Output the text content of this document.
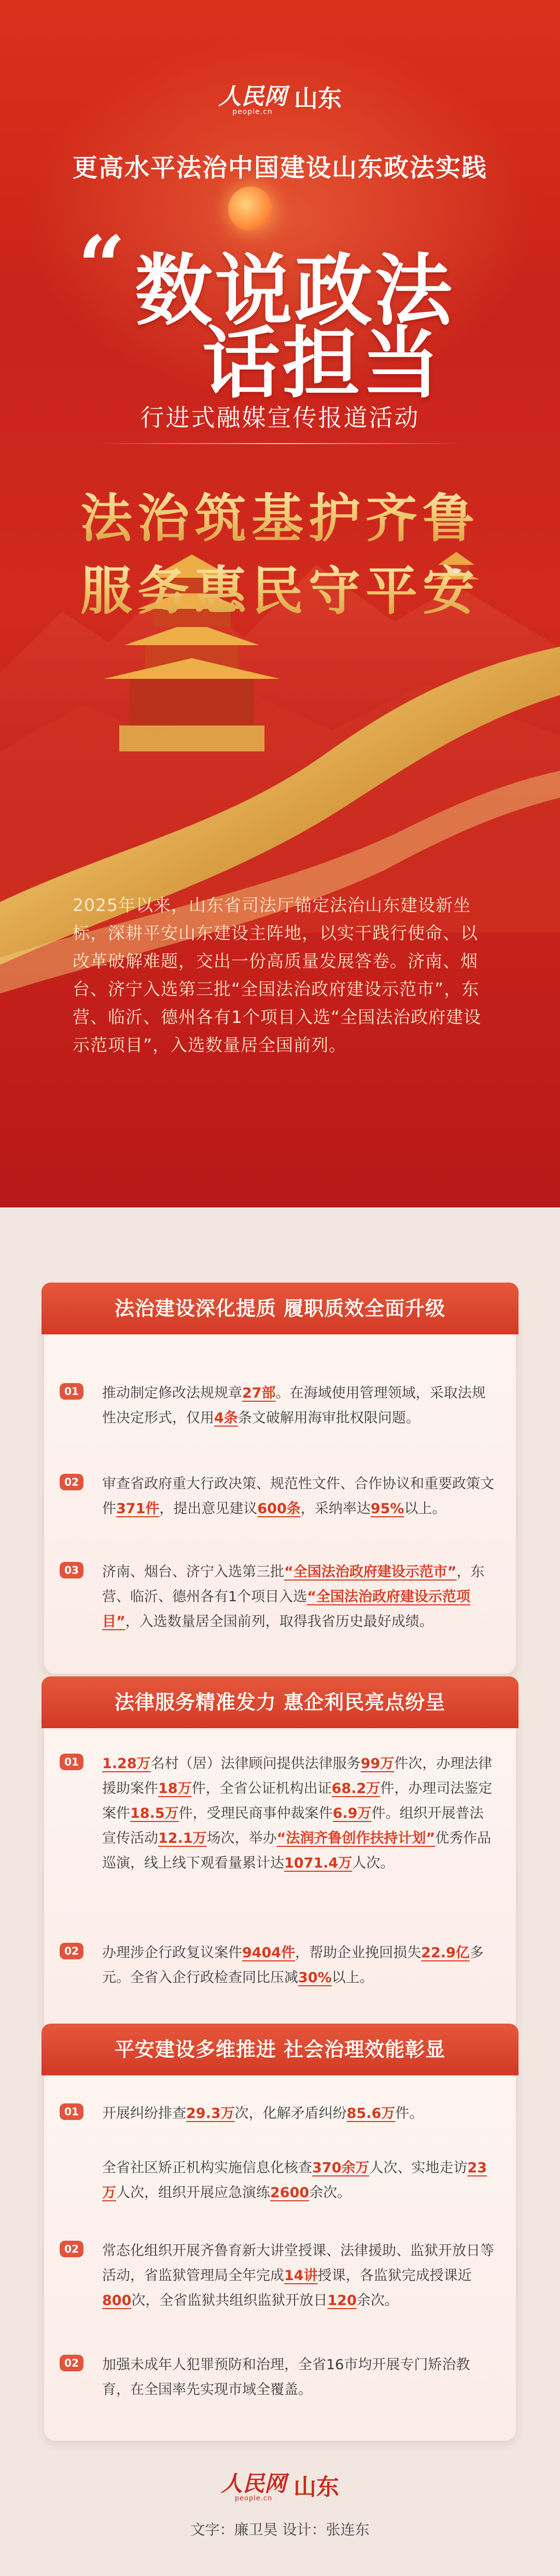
人民网
people.cn 山东
更高水平法治中国建设山东政法实践
“ 数说政法
话担当
行进式融媒宣传报道活动
法治筑基护齐鲁
服务惠民守平安
2025年以来，山东省司法厅锚定法治山东建设新坐标，深耕平安山东建设主阵地，以实干践行使命、以改革破解难题，交出一份高质量发展答卷。济南、烟台、济宁入选第三批“全国法治政府建设示范市”，东营、临沂、德州各有1个项目入选“全国法治政府建设示范项目”，入选数量居全国前列。
法治建设深化提质 履职质效全面升级
01	推动制定修改法规规章27部。在海域使用管理领域，采取法规性决定形式，仅用4条条文破解用海审批权限问题。
02	审查省政府重大行政决策、规范性文件、合作协议和重要政策文件371件，提出意见建议600条，采纳率达95%以上。
03	济南、烟台、济宁入选第三批“全国法治政府建设示范市”，东营、临沂、德州各有1个项目入选“全国法治政府建设示范项目”，入选数量居全国前列，取得我省历史最好成绩。
法律服务精准发力 惠企利民亮点纷呈
01	1.28万名村（居）法律顾问提供法律服务99万件次，办理法律援助案件18万件，全省公证机构出证68.2万件，办理司法鉴定案件18.5万件，受理民商事仲裁案件6.9万件。组织开展普法宣传活动12.1万场次，举办“法润齐鲁创作扶持计划”优秀作品巡演，线上线下观看量累计达1071.4万人次。
02	办理涉企行政复议案件9404件，帮助企业挽回损失22.9亿多元。全省入企行政检查同比压减30%以上。
平安建设多维推进 社会治理效能彰显
01	开展纠纷排查29.3万次，化解矛盾纠纷85.6万件。
全省社区矫正机构实施信息化核查370余万人次、实地走访23万人次，组织开展应急演练2600余次。
02	常态化组织开展齐鲁育新大讲堂授课、法律援助、监狱开放日等活动，省监狱管理局全年完成14讲授课，各监狱完成授课近800次，全省监狱共组织监狱开放日120余次。
02	加强未成年人犯罪预防和治理，全省16市均开展专门矫治教育，在全国率先实现市域全覆盖。
人民网
people.cn 山东
文字：廉卫昊 设计：张连东
